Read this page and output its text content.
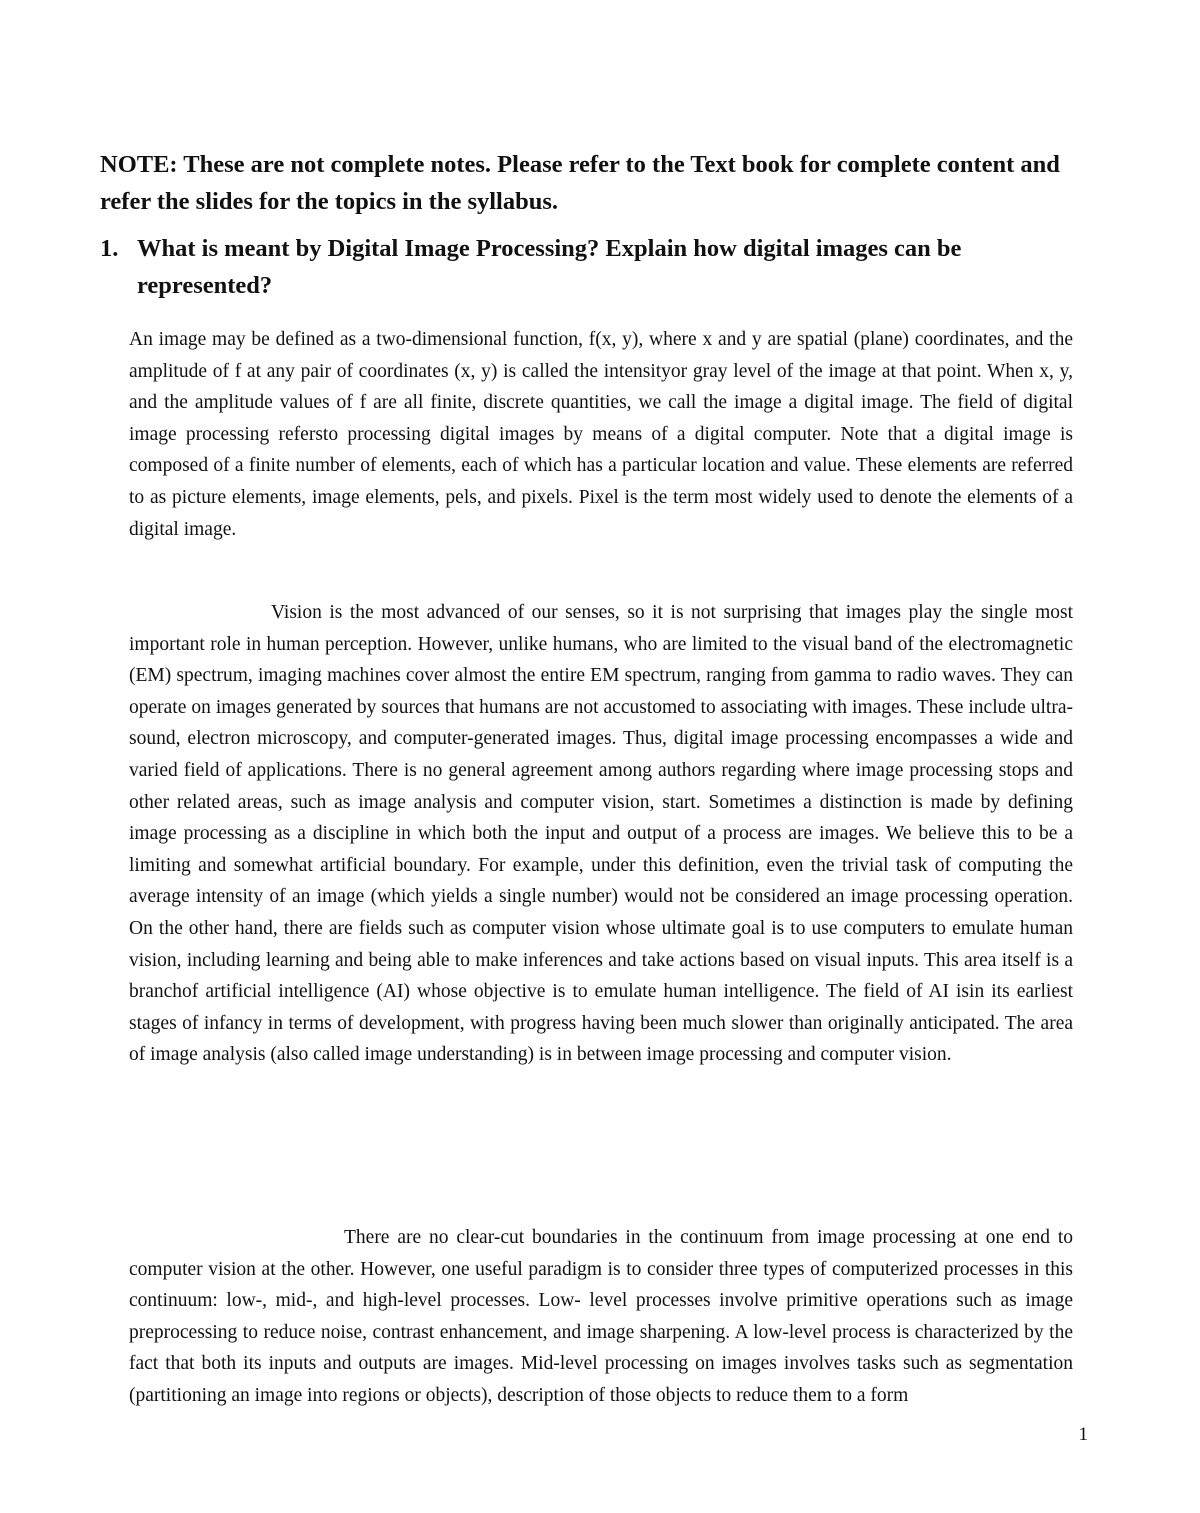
NOTE: These are not complete notes. Please refer to the Text book for complete content and refer the slides for the topics in the syllabus.

1. What is meant by Digital Image Processing? Explain how digital images can be represented?

An image may be defined as a two-dimensional function, f(x, y), where x and y are spatial (plane) coordinates, and the amplitude of f at any pair of coordinates (x, y) is called the intensityor gray level of the image at that point. When x, y, and the amplitude values of f are all finite, discrete quantities, we call the image a digital image. The field of digital image processing refersto processing digital images by means of a digital computer. Note that a digital image is composed of a finite number of elements, each of which has a particular location and value. These elements are referred to as picture elements, image elements, pels, and pixels. Pixel is the term most widely used to denote the elements of a digital image.

Vision is the most advanced of our senses, so it is not surprising that images play the single most important role in human perception. However, unlike humans, who are limited to the visual band of the electromagnetic (EM) spectrum, imaging machines cover almost the entire EM spectrum, ranging from gamma to radio waves. They can operate on images generated by sources that humans are not accustomed to associating with images. These include ultra-sound, electron microscopy, and computer-generated images. Thus, digital image processing encompasses a wide and varied field of applications. There is no general agreement among authors regarding where image processing stops and other related areas, such as image analysis and computer vision, start. Sometimes a distinction is made by defining image processing as a discipline in which both the input and output of a process are images. We believe this to be a limiting and somewhat artificial boundary. For example, under this definition, even the trivial task of computing the average intensity of an image (which yields a single number) would not be considered an image processing operation. On the other hand, there are fields such as computer vision whose ultimate goal is to use computers to emulate human vision, including learning and being able to make inferences and take actions based on visual inputs. This area itself is a branchof artificial intelligence (AI) whose objective is to emulate human intelligence. The field of AI isin its earliest stages of infancy in terms of development, with progress having been much slower than originally anticipated. The area of image analysis (also called image understanding) is in between image processing and computer vision.

There are no clear-cut boundaries in the continuum from image processing at one end to computer vision at the other. However, one useful paradigm is to consider three types of computerized processes in this continuum: low-, mid-, and high-level processes. Low- level processes involve primitive operations such as image preprocessing to reduce noise, contrast enhancement, and image sharpening. A low-level process is characterized by the fact that both its inputs and outputs are images. Mid-level processing on images involves tasks such as segmentation (partitioning an image into regions or objects), description of those objects to reduce them to a form

1
